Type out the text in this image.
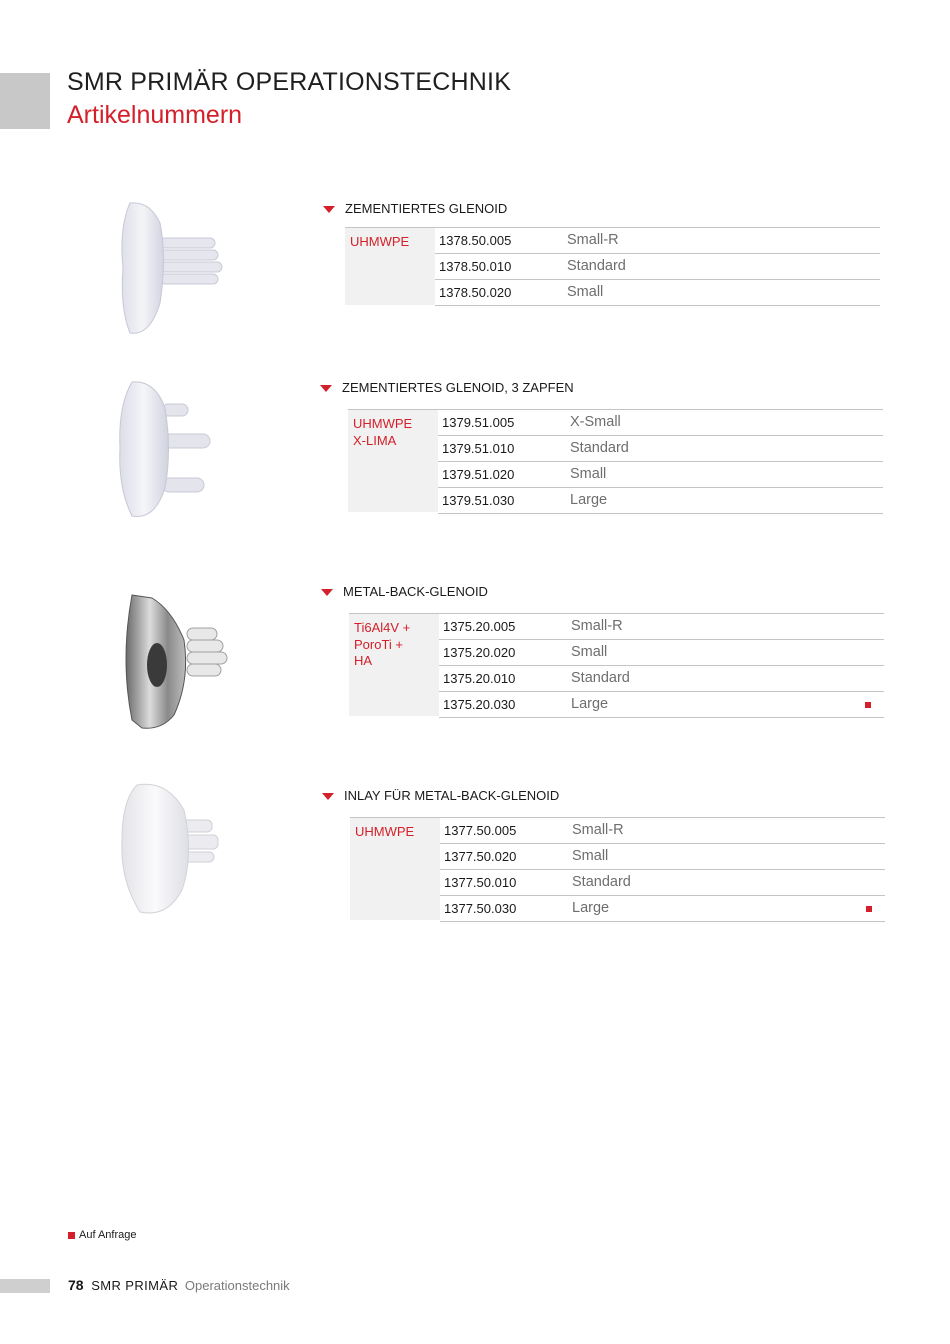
SMR PRIMÄR OPERATIONSTECHNIK
Artikelnummern
ZEMENTIERTES GLENOID
UHMWPE 1378.50.005	Small-R
1378.50.010	Standard
1378.50.020	Small
ZEMENTIERTES GLENOID, 3 ZAPFEN
UHMWPE
X-LIMA
1379.51.005	X-Small
1379.51.010	Standard
1379.51.020	Small
1379.51.030	Large
METAL-BACK-GLENOID
Ti6Al4V +
PoroTi +
HA
1375.20.005	Small-R
1375.20.020	Small
1375.20.010	Standard
1375.20.030	Large
INLAY FÜR METAL-BACK-GLENOID
UHMWPE 1377.50.005	Small-R
1377.50.020	Small
1377.50.010	Standard
1377.50.030	Large
Auf Anfrage
78 SMR PRIMÄR Operationstechnik
